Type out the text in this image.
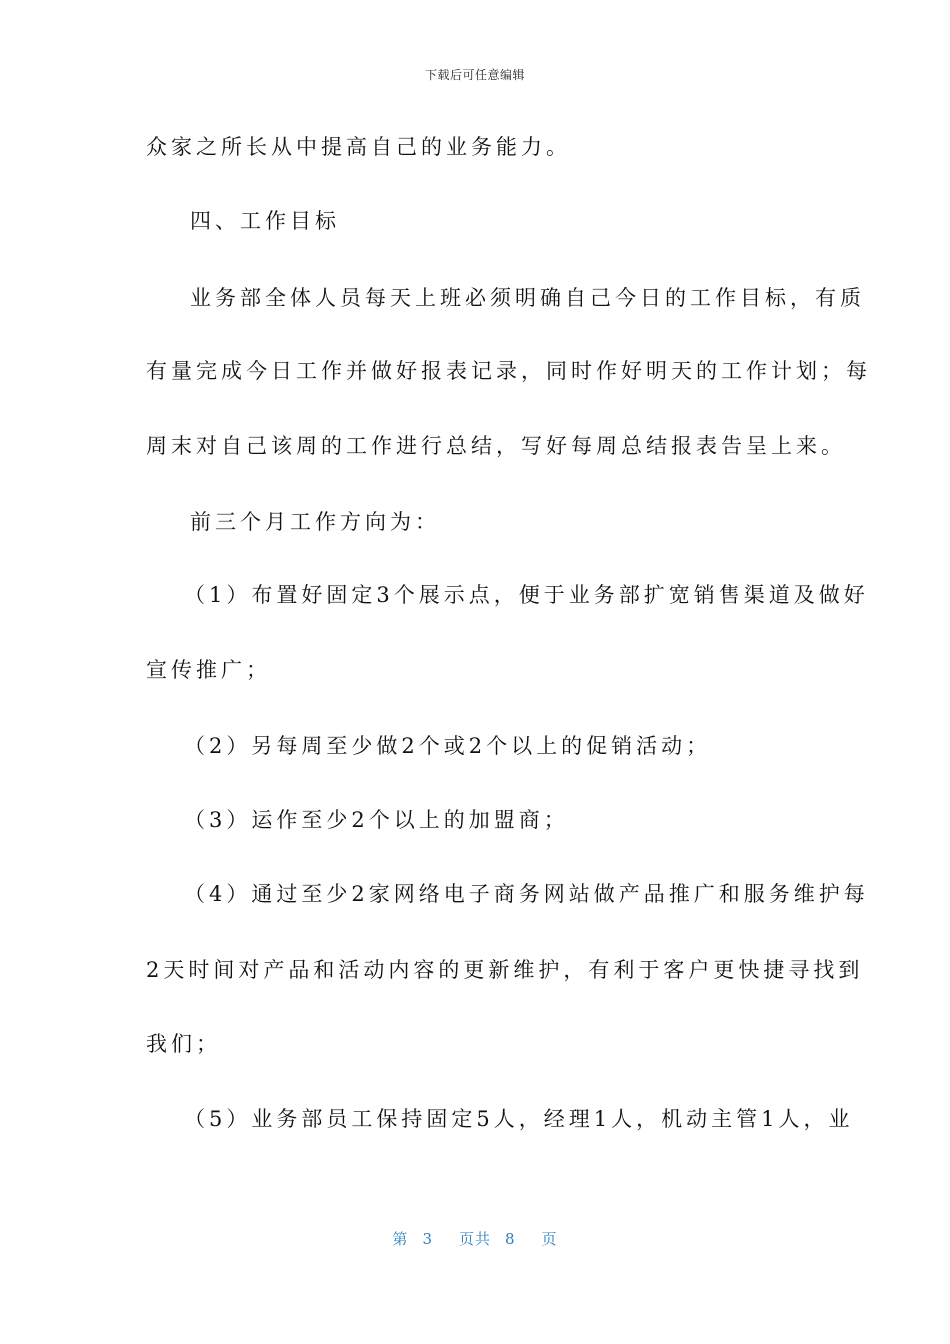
下载后可任意编辑
众家之所长从中提高自己的业务能力。
四、工作目标
业务部全体人员每天上班必须明确自己今日的工作目标，有质
有量完成今日工作并做好报表记录，同时作好明天的工作计划；每
周末对自己该周的工作进行总结，写好每周总结报表告呈上来。
前三个月工作方向为：
（1）布置好固定3个展示点，便于业务部扩宽销售渠道及做好
宣传推广；
（2）另每周至少做2个或2个以上的促销活动；
（3）运作至少2个以上的加盟商；
（4）通过至少2家网络电子商务网站做产品推广和服务维护每
2天时间对产品和活动内容的更新维护，有利于客户更快捷寻找到
我们；
（5）业务部员工保持固定5人，经理1人，机动主管1人，业
第 3 页共 8 页
